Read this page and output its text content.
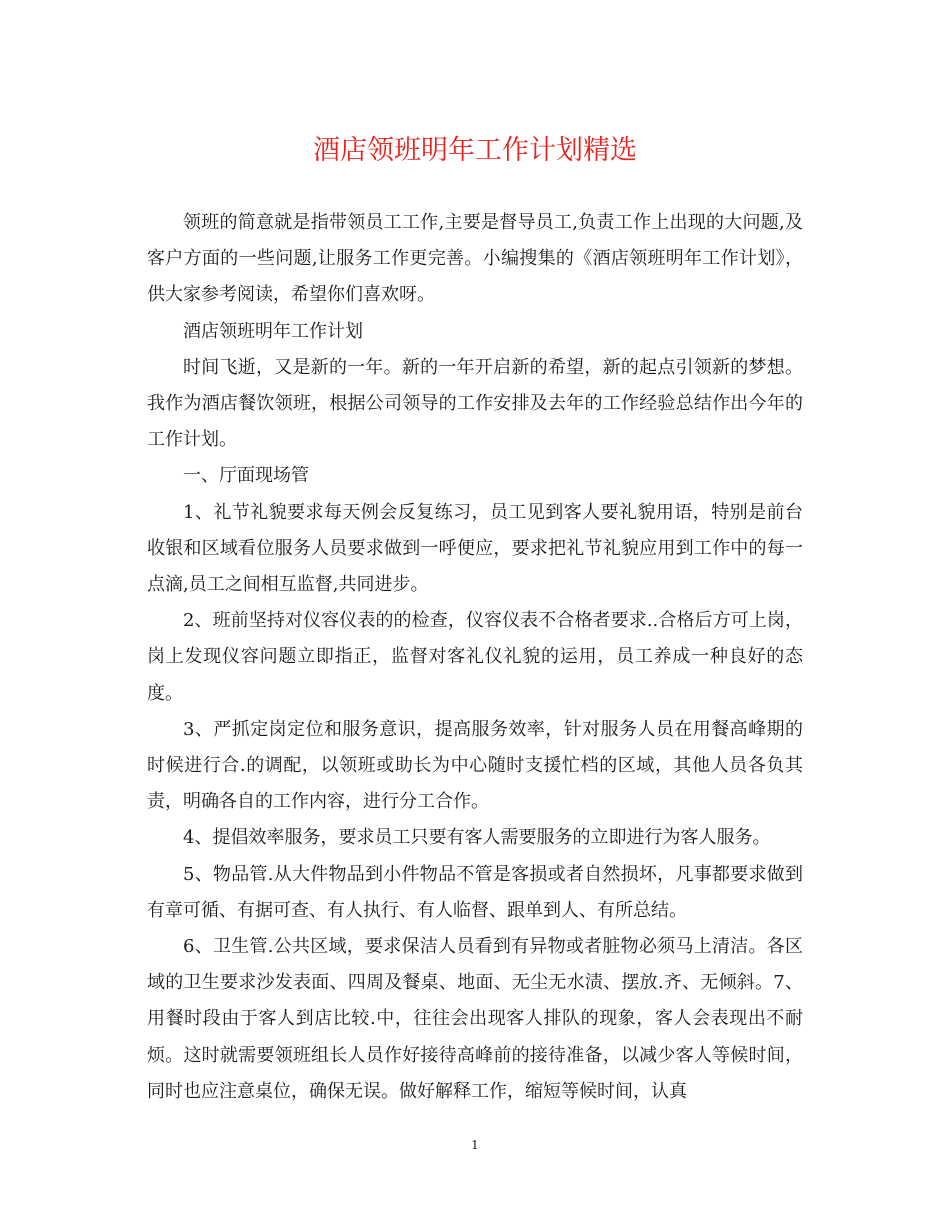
酒店领班明年工作计划精选

领班的简意就是指带领员工工作,主要是督导员工,负责工作上出现的大问题,及客户方面的一些问题,让服务工作更完善。小编搜集的《酒店领班明年工作计划》，供大家参考阅读，希望你们喜欢呀。

酒店领班明年工作计划

时间飞逝，又是新的一年。新的一年开启新的希望，新的起点引领新的梦想。我作为酒店餐饮领班，根据公司领导的工作安排及去年的工作经验总结作出今年的工作计划。

一、厅面现场管

1、礼节礼貌要求每天例会反复练习，员工见到客人要礼貌用语，特别是前台收银和区域看位服务人员要求做到一呼便应，要求把礼节礼貌应用到工作中的每一点滴,员工之间相互监督,共同进步。

2、班前坚持对仪容仪表的的检查，仪容仪表不合格者要求..合格后方可上岗，岗上发现仪容问题立即指正，监督对客礼仪礼貌的运用，员工养成一种良好的态度。

3、严抓定岗定位和服务意识，提高服务效率，针对服务人员在用餐高峰期的时候进行合.的调配，以领班或助长为中心随时支援忙档的区域，其他人员各负其责，明确各自的工作内容，进行分工合作。

4、提倡效率服务，要求员工只要有客人需要服务的立即进行为客人服务。

5、物品管.从大件物品到小件物品不管是客损或者自然损坏，凡事都要求做到有章可循、有据可查、有人执行、有人临督、跟单到人、有所总结。

6、卫生管.公共区域，要求保洁人员看到有异物或者脏物必须马上清洁。各区域的卫生要求沙发表面、四周及餐桌、地面、无尘无水渍、摆放.齐、无倾斜。7、用餐时段由于客人到店比较.中，往往会出现客人排队的现象，客人会表现出不耐烦。这时就需要领班组长人员作好接待高峰前的接待准备，以减少客人等候时间，同时也应注意桌位，确保无误。做好解释工作，缩短等候时间，认真

1
